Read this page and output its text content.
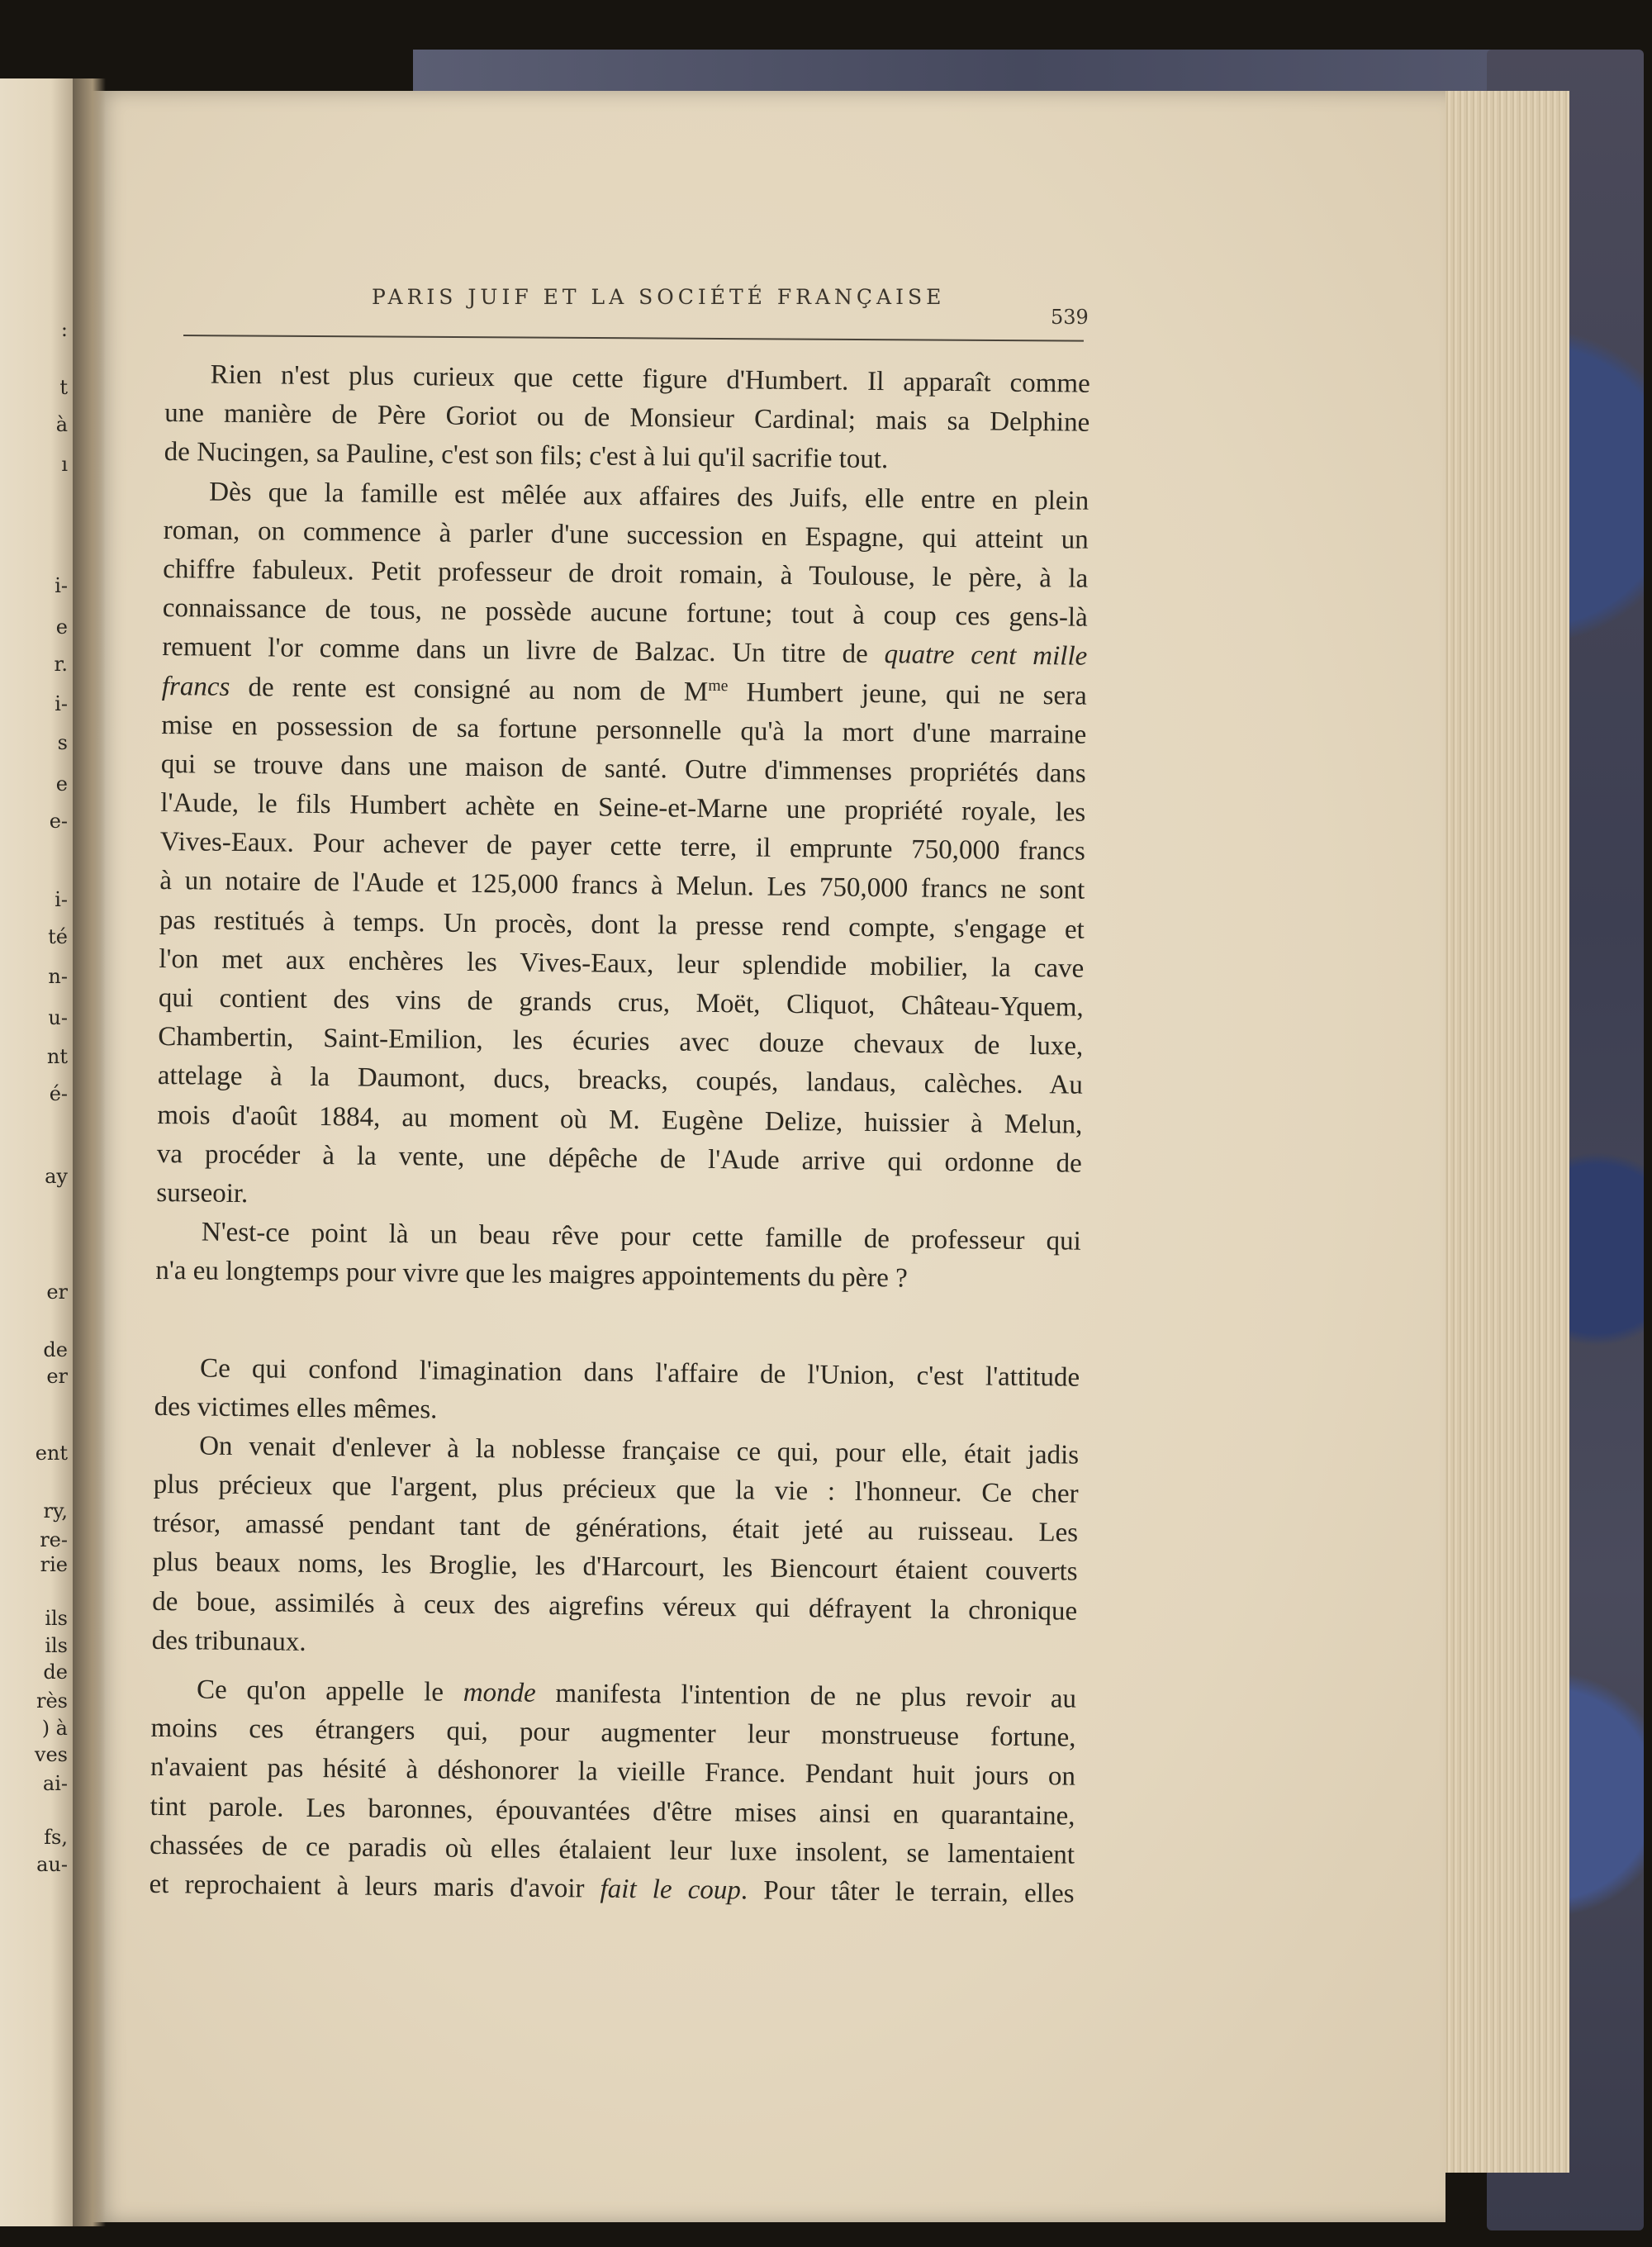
:
t
à
ı
i-
e
r.
i-
s
e
e-
i-
té
n-
u-
nt
é-
ay
er
de
er
ent
ry,
re-
rie
ils
ils
de
rès
) à
ves
ai-
fs,
au-
PARIS JUIF ET LA SOCIÉTÉ FRANÇAISE
539
Rien n'est plus curieux que cette figure d'Humbert. Il apparaît comme
une manière de Père Goriot ou de Monsieur Cardinal; mais sa Delphine
de Nucingen, sa Pauline, c'est son fils; c'est à lui qu'il sacrifie tout.
Dès que la famille est mêlée aux affaires des Juifs, elle entre en plein
roman, on commence à parler d'une succession en Espagne, qui atteint un
chiffre fabuleux. Petit professeur de droit romain, à Toulouse, le père, à la
connaissance de tous, ne possède aucune fortune; tout à coup ces gens-là
remuent l'or comme dans un livre de Balzac. Un titre de quatre cent mille
francs de rente est consigné au nom de $M^{me}$ Humbert jeune, qui ne sera
mise en possession de sa fortune personnelle qu'à la mort d'une marraine
qui se trouve dans une maison de santé. Outre d'immenses propriétés dans
l'Aude, le fils Humbert achète en Seine-et-Marne une propriété royale, les
Vives-Eaux. Pour achever de payer cette terre, il emprunte 750,000 francs
à un notaire de l'Aude et 125,000 francs à Melun. Les 750,000 francs ne sont
pas restitués à temps. Un procès, dont la presse rend compte, s'engage et
l'on met aux enchères les Vives-Eaux, leur splendide mobilier, la cave
qui contient des vins de grands crus, Moët, Cliquot, Château-Yquem,
Chambertin, Saint-Emilion, les écuries avec douze chevaux de luxe,
attelage à la Daumont, ducs, breacks, coupés, landaus, calèches. Au
mois d'août 1884, au moment où M. Eugène Delize, huissier à Melun,
va procéder à la vente, une dépêche de l'Aude arrive qui ordonne de
surseoir.
N'est-ce point là un beau rêve pour cette famille de professeur qui
n'a eu longtemps pour vivre que les maigres appointements du père ?
Ce qui confond l'imagination dans l'affaire de l'Union, c'est l'attitude
des victimes elles mêmes.
On venait d'enlever à la noblesse française ce qui, pour elle, était jadis
plus précieux que l'argent, plus précieux que la vie : l'honneur. Ce cher
trésor, amassé pendant tant de générations, était jeté au ruisseau. Les
plus beaux noms, les Broglie, les d'Harcourt, les Biencourt étaient couverts
de boue, assimilés à ceux des aigrefins véreux qui défrayent la chronique
des tribunaux.
Ce qu'on appelle le monde manifesta l'intention de ne plus revoir au
moins ces étrangers qui, pour augmenter leur monstrueuse fortune,
n'avaient pas hésité à déshonorer la vieille France. Pendant huit jours on
tint parole. Les baronnes, épouvantées d'être mises ainsi en quarantaine,
chassées de ce paradis où elles étalaient leur luxe insolent, se lamentaient
et reprochaient à leurs maris d'avoir fait le coup. Pour tâter le terrain, elles
